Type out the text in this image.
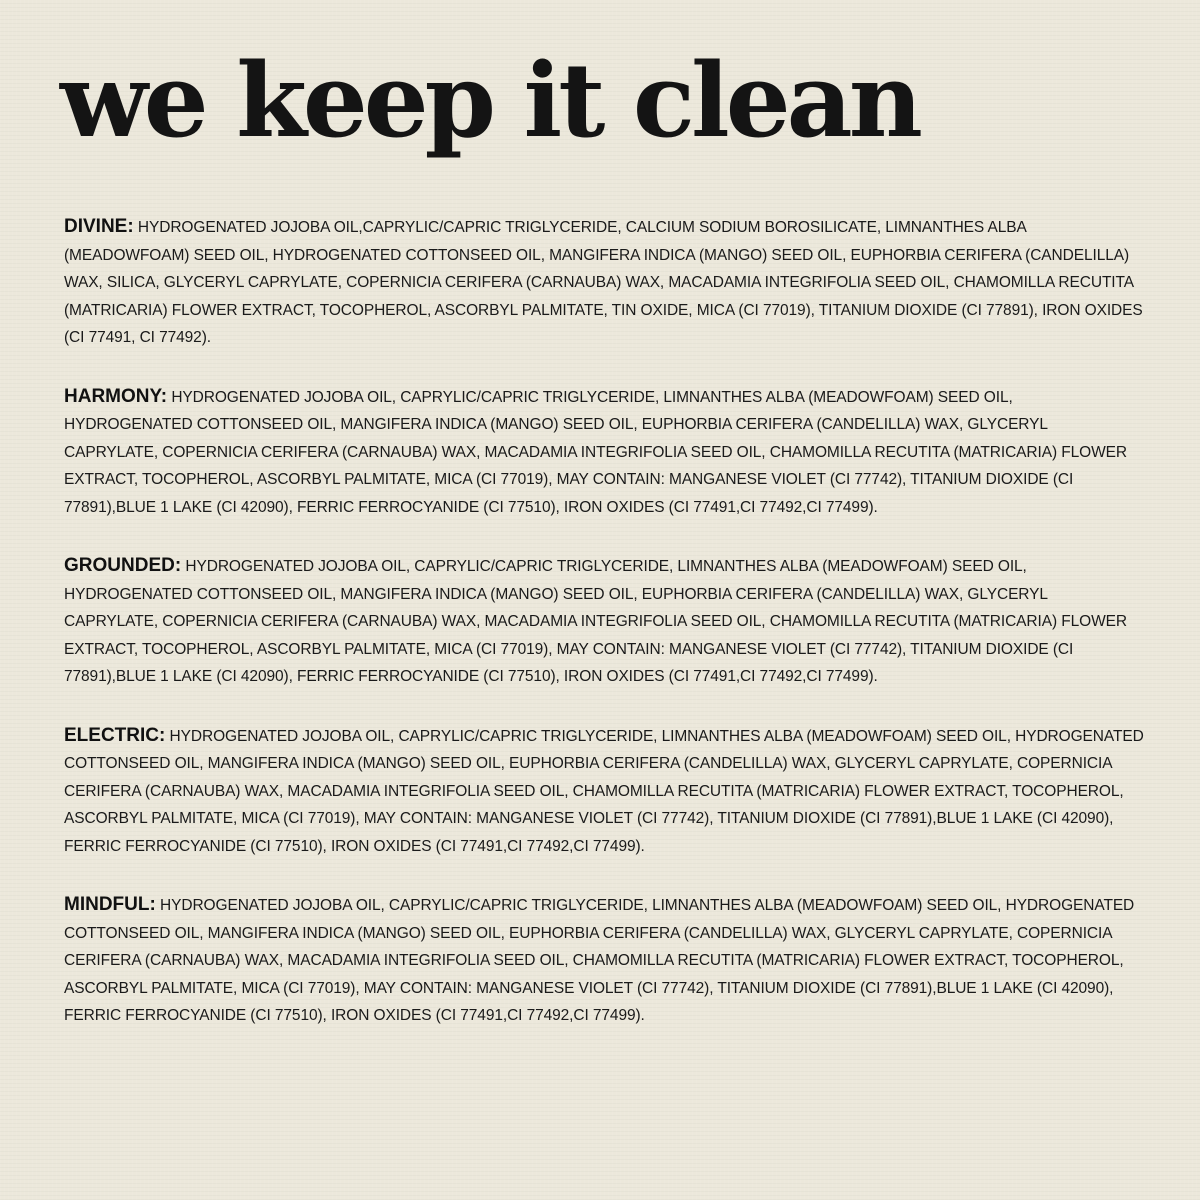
we keep it clean

DIVINE: HYDROGENATED JOJOBA OIL,CAPRYLIC/CAPRIC TRIGLYCERIDE, CALCIUM SODIUM BOROSILICATE, LIMNANTHES ALBA (MEADOWFOAM) SEED OIL, HYDROGENATED COTTONSEED OIL, MANGIFERA INDICA (MANGO) SEED OIL, EUPHORBIA CERIFERA (CANDELILLA) WAX, SILICA, GLYCERYL CAPRYLATE, COPERNICIA CERIFERA (CARNAUBA) WAX, MACADAMIA INTEGRIFOLIA SEED OIL, CHAMOMILLA RECUTITA (MATRICARIA) FLOWER EXTRACT, TOCOPHEROL, ASCORBYL PALMITATE, TIN OXIDE, MICA (CI 77019), TITANIUM DIOXIDE (CI 77891), IRON OXIDES (CI 77491, CI 77492).

HARMONY: HYDROGENATED JOJOBA OIL, CAPRYLIC/CAPRIC TRIGLYCERIDE, LIMNANTHES ALBA (MEADOWFOAM) SEED OIL, HYDROGENATED COTTONSEED OIL, MANGIFERA INDICA (MANGO) SEED OIL, EUPHORBIA CERIFERA (CANDELILLA) WAX, GLYCERYL CAPRYLATE, COPERNICIA CERIFERA (CARNAUBA) WAX, MACADAMIA INTEGRIFOLIA SEED OIL, CHAMOMILLA RECUTITA (MATRICARIA) FLOWER EXTRACT, TOCOPHEROL, ASCORBYL PALMITATE, MICA (CI 77019), MAY CONTAIN: MANGANESE VIOLET (CI 77742), TITANIUM DIOXIDE (CI 77891),BLUE 1 LAKE (CI 42090), FERRIC FERROCYANIDE (CI 77510), IRON OXIDES (CI 77491,CI 77492,CI 77499).

GROUNDED: HYDROGENATED JOJOBA OIL, CAPRYLIC/CAPRIC TRIGLYCERIDE, LIMNANTHES ALBA (MEADOWFOAM) SEED OIL, HYDROGENATED COTTONSEED OIL, MANGIFERA INDICA (MANGO) SEED OIL, EUPHORBIA CERIFERA (CANDELILLA) WAX, GLYCERYL CAPRYLATE, COPERNICIA CERIFERA (CARNAUBA) WAX, MACADAMIA INTEGRIFOLIA SEED OIL, CHAMOMILLA RECUTITA (MATRICARIA) FLOWER EXTRACT, TOCOPHEROL, ASCORBYL PALMITATE, MICA (CI 77019), MAY CONTAIN: MANGANESE VIOLET (CI 77742), TITANIUM DIOXIDE (CI 77891),BLUE 1 LAKE (CI 42090), FERRIC FERROCYANIDE (CI 77510), IRON OXIDES (CI 77491,CI 77492,CI 77499).

ELECTRIC: HYDROGENATED JOJOBA OIL, CAPRYLIC/CAPRIC TRIGLYCERIDE, LIMNANTHES ALBA (MEADOWFOAM) SEED OIL, HYDROGENATED COTTONSEED OIL, MANGIFERA INDICA (MANGO) SEED OIL, EUPHORBIA CERIFERA (CANDELILLA) WAX, GLYCERYL CAPRYLATE, COPERNICIA CERIFERA (CARNAUBA) WAX, MACADAMIA INTEGRIFOLIA SEED OIL, CHAMOMILLA RECUTITA (MATRICARIA) FLOWER EXTRACT, TOCOPHEROL, ASCORBYL PALMITATE, MICA (CI 77019), MAY CONTAIN: MANGANESE VIOLET (CI 77742), TITANIUM DIOXIDE (CI 77891),BLUE 1 LAKE (CI 42090), FERRIC FERROCYANIDE (CI 77510), IRON OXIDES (CI 77491,CI 77492,CI 77499).

MINDFUL: HYDROGENATED JOJOBA OIL, CAPRYLIC/CAPRIC TRIGLYCERIDE, LIMNANTHES ALBA (MEADOWFOAM) SEED OIL, HYDROGENATED COTTONSEED OIL, MANGIFERA INDICA (MANGO) SEED OIL, EUPHORBIA CERIFERA (CANDELILLA) WAX, GLYCERYL CAPRYLATE, COPERNICIA CERIFERA (CARNAUBA) WAX, MACADAMIA INTEGRIFOLIA SEED OIL, CHAMOMILLA RECUTITA (MATRICARIA) FLOWER EXTRACT, TOCOPHEROL, ASCORBYL PALMITATE, MICA (CI 77019), MAY CONTAIN: MANGANESE VIOLET (CI 77742), TITANIUM DIOXIDE (CI 77891),BLUE 1 LAKE (CI 42090), FERRIC FERROCYANIDE (CI 77510), IRON OXIDES (CI 77491,CI 77492,CI 77499).
